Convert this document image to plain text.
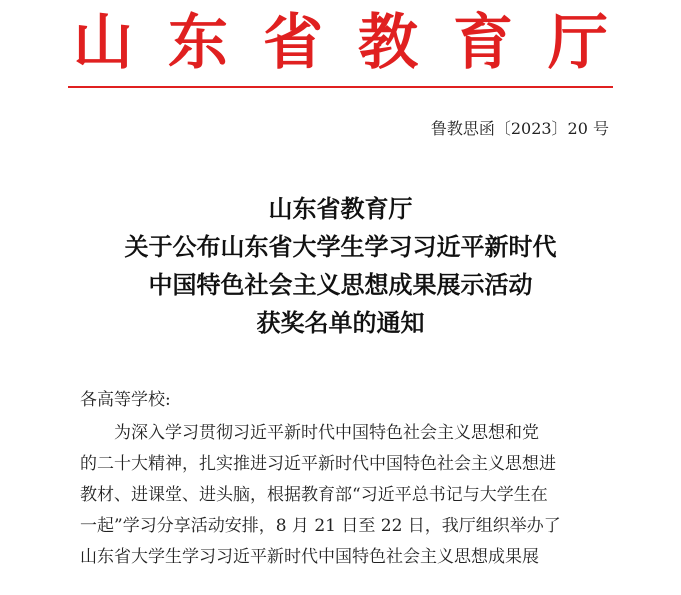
山 东 省 教 育 厅
鲁教思函〔2023〕20 号
山东省教育厅
关于公布山东省大学生学习习近平新时代
中国特色社会主义思想成果展示活动
获奖名单的通知
各高等学校:
为深入学习贯彻习近平新时代中国特色社会主义思想和党
的二十大精神，扎实推进习近平新时代中国特色社会主义思想进
教材、进课堂、进头脑，根据教育部“习近平总书记与大学生在
一起”学习分享活动安排，8 月 21 日至 22 日，我厅组织举办了
山东省大学生学习习近平新时代中国特色社会主义思想成果展
